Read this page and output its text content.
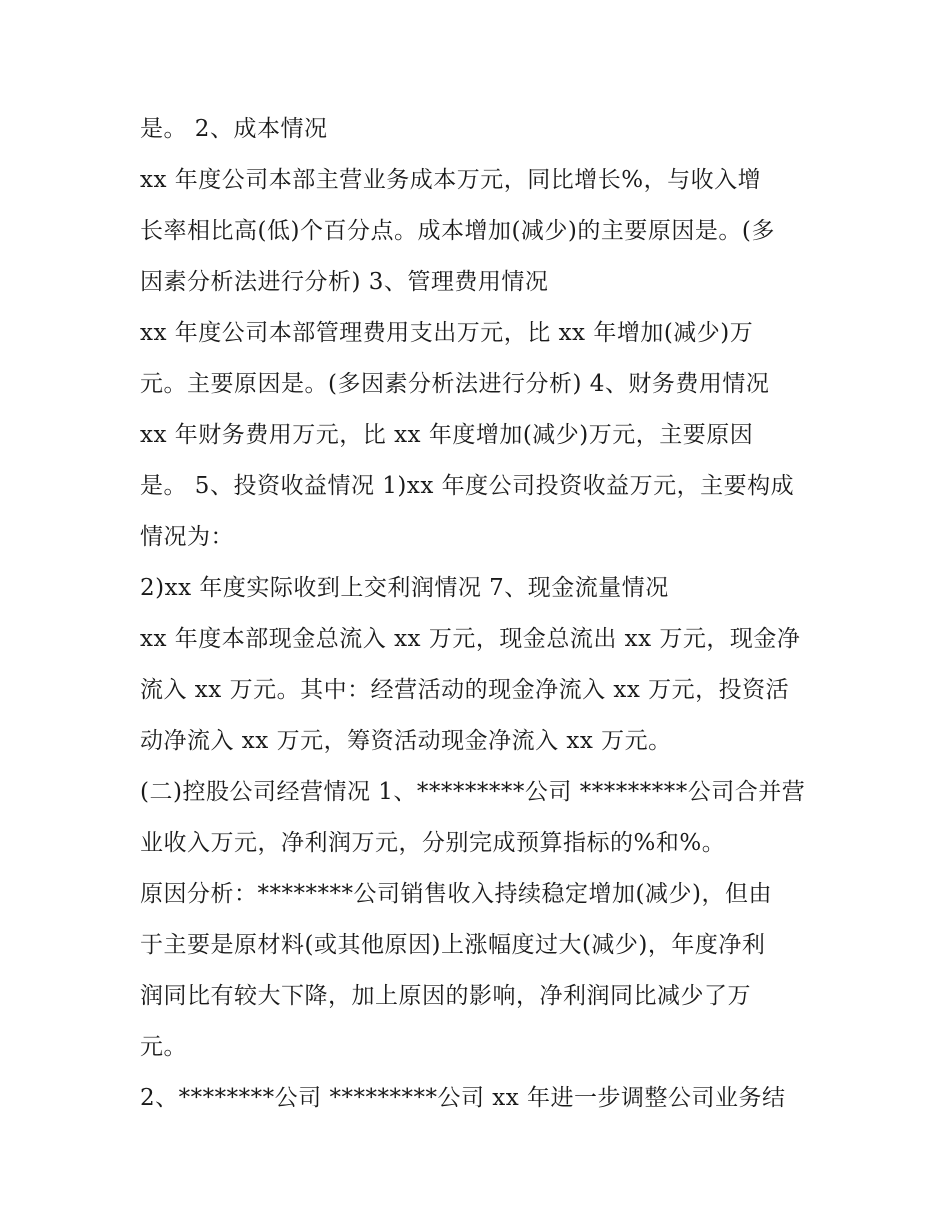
是。 2、成本情况
xx 年度公司本部主营业务成本万元，同比增长%，与收入增
长率相比高(低)个百分点。成本增加(减少)的主要原因是。(多
因素分析法进行分析) 3、管理费用情况
xx 年度公司本部管理费用支出万元，比 xx 年增加(减少)万
元。主要原因是。(多因素分析法进行分析) 4、财务费用情况
xx 年财务费用万元，比 xx 年度增加(减少)万元，主要原因
是。 5、投资收益情况 1)xx 年度公司投资收益万元，主要构成
情况为：
2)xx 年度实际收到上交利润情况 7、现金流量情况
xx 年度本部现金总流入 xx 万元，现金总流出 xx 万元，现金净
流入 xx 万元。其中：经营活动的现金净流入 xx 万元，投资活
动净流入 xx 万元，筹资活动现金净流入 xx 万元。
(二)控股公司经营情况 1、*********公司 *********公司合并营
业收入万元，净利润万元，分别完成预算指标的%和%。
原因分析：********公司销售收入持续稳定增加(减少)，但由
于主要是原材料(或其他原因)上涨幅度过大(减少)，年度净利
润同比有较大下降，加上原因的影响，净利润同比减少了万
元。
2、********公司 *********公司 xx 年进一步调整公司业务结
